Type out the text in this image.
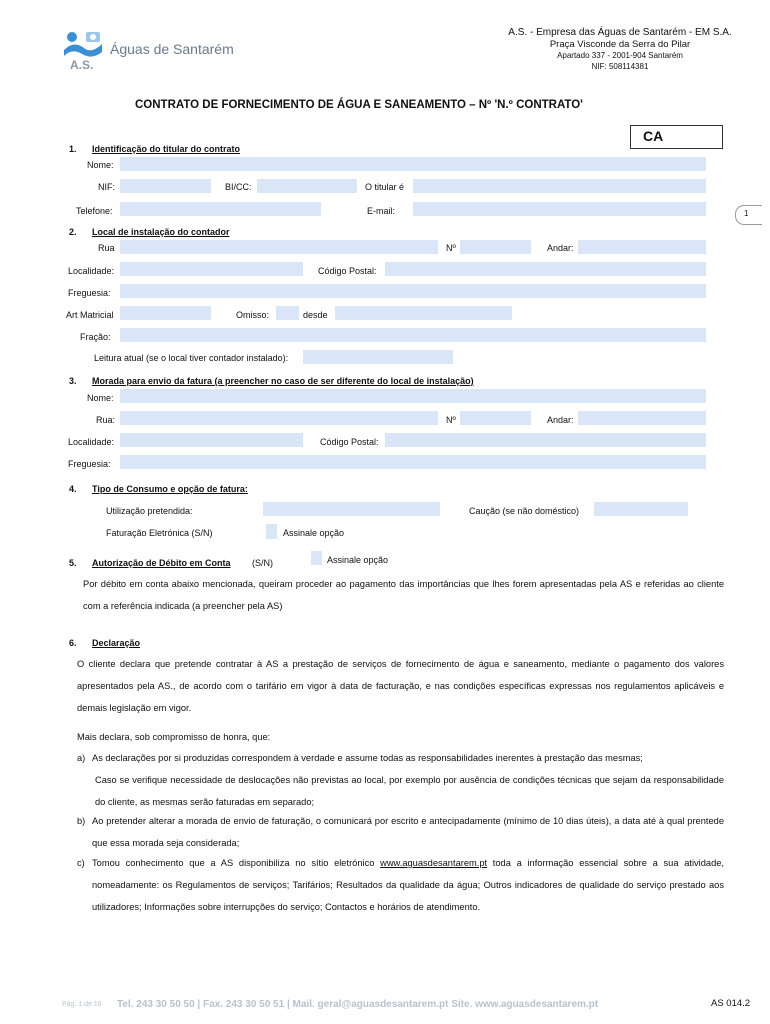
Águas de Santarém
A.S.
A.S. - Empresa das Águas de Santarém - EM S.A.
Praça Visconde da Serra do Pilar
Apartado 337 - 2001-904 Santarém
NIF: 508114381
CONTRATO DE FORNECIMENTO DE ÁGUA E SANEAMENTO – Nº 'N.º CONTRATO'
CA
1
1. Identificação do titular do contrato
Nome:
NIF:	BI/CC:	O titular é
Telefone:	E-mail:
2. Local de instalação do contador
Rua	Nº	Andar:
Localidade:	Código Postal:
Freguesia:
Art Matricial	Omisso:	desde
Fração:
Leitura atual (se o local tiver contador instalado):
3. Morada para envio da fatura (a preencher no caso de ser diferente do local de instalação)
Nome:
Rua:	Nº	Andar:
Localidade:	Código Postal:
Freguesia:
4. Tipo de Consumo e opção de fatura:
Utilização pretendida:	Caução (se não doméstico)
Faturação Eletrónica (S/N)	Assinale opção
5. Autorização de Débito em Conta (S/N)	Assinale opção

Por débito em conta abaixo mencionada, queiram proceder ao pagamento das importâncias que lhes forem apresentadas pela AS e referidas ao cliente com a referência indicada (a preencher pela AS)

6. Declaração

O cliente declara que pretende contratar à AS a prestação de serviços de fornecimento de água e saneamento, mediante o pagamento dos valores apresentados pela AS., de acordo com o tarifário em vigor à data de facturação, e nas condições específicas expressas nos regulamentos aplicáveis e demais legislação em vigor.

Mais declara, sob compromisso de honra, que:

a) As declarações por si produzidas correspondem à verdade e assume todas as responsabilidades inerentes à prestação das mesmas;

Caso se verifique necessidade de deslocações não previstas ao local, por exemplo por ausência de condições técnicas que sejam da responsabilidade do cliente, as mesmas serão faturadas em separado;

b) Ao pretender alterar a morada de envio de faturação, o comunicará por escrito e antecipadamente (mínimo de 10 dias úteis), a data até à qual prentede que essa morada seja considerada;

c) Tomou conhecimento que a AS disponibiliza no sítio eletrónico www.aguasdesantarem.pt toda a informação essencial sobre a sua atividade, nomeadamente: os Regulamentos de serviços; Tarifários; Resultados da qualidade da água; Outros indicadores de qualidade do serviço prestado aos utilizadores; Informações sobre interrupções do serviço; Contactos e horários de atendimento.

Pág. 1 de 16 Tel. 243 30 50 50 | Fax. 243 30 50 51 | Mail. geral@aguasdesantarem.pt Site. www.aguasdesantarem.pt	AS 014.2
